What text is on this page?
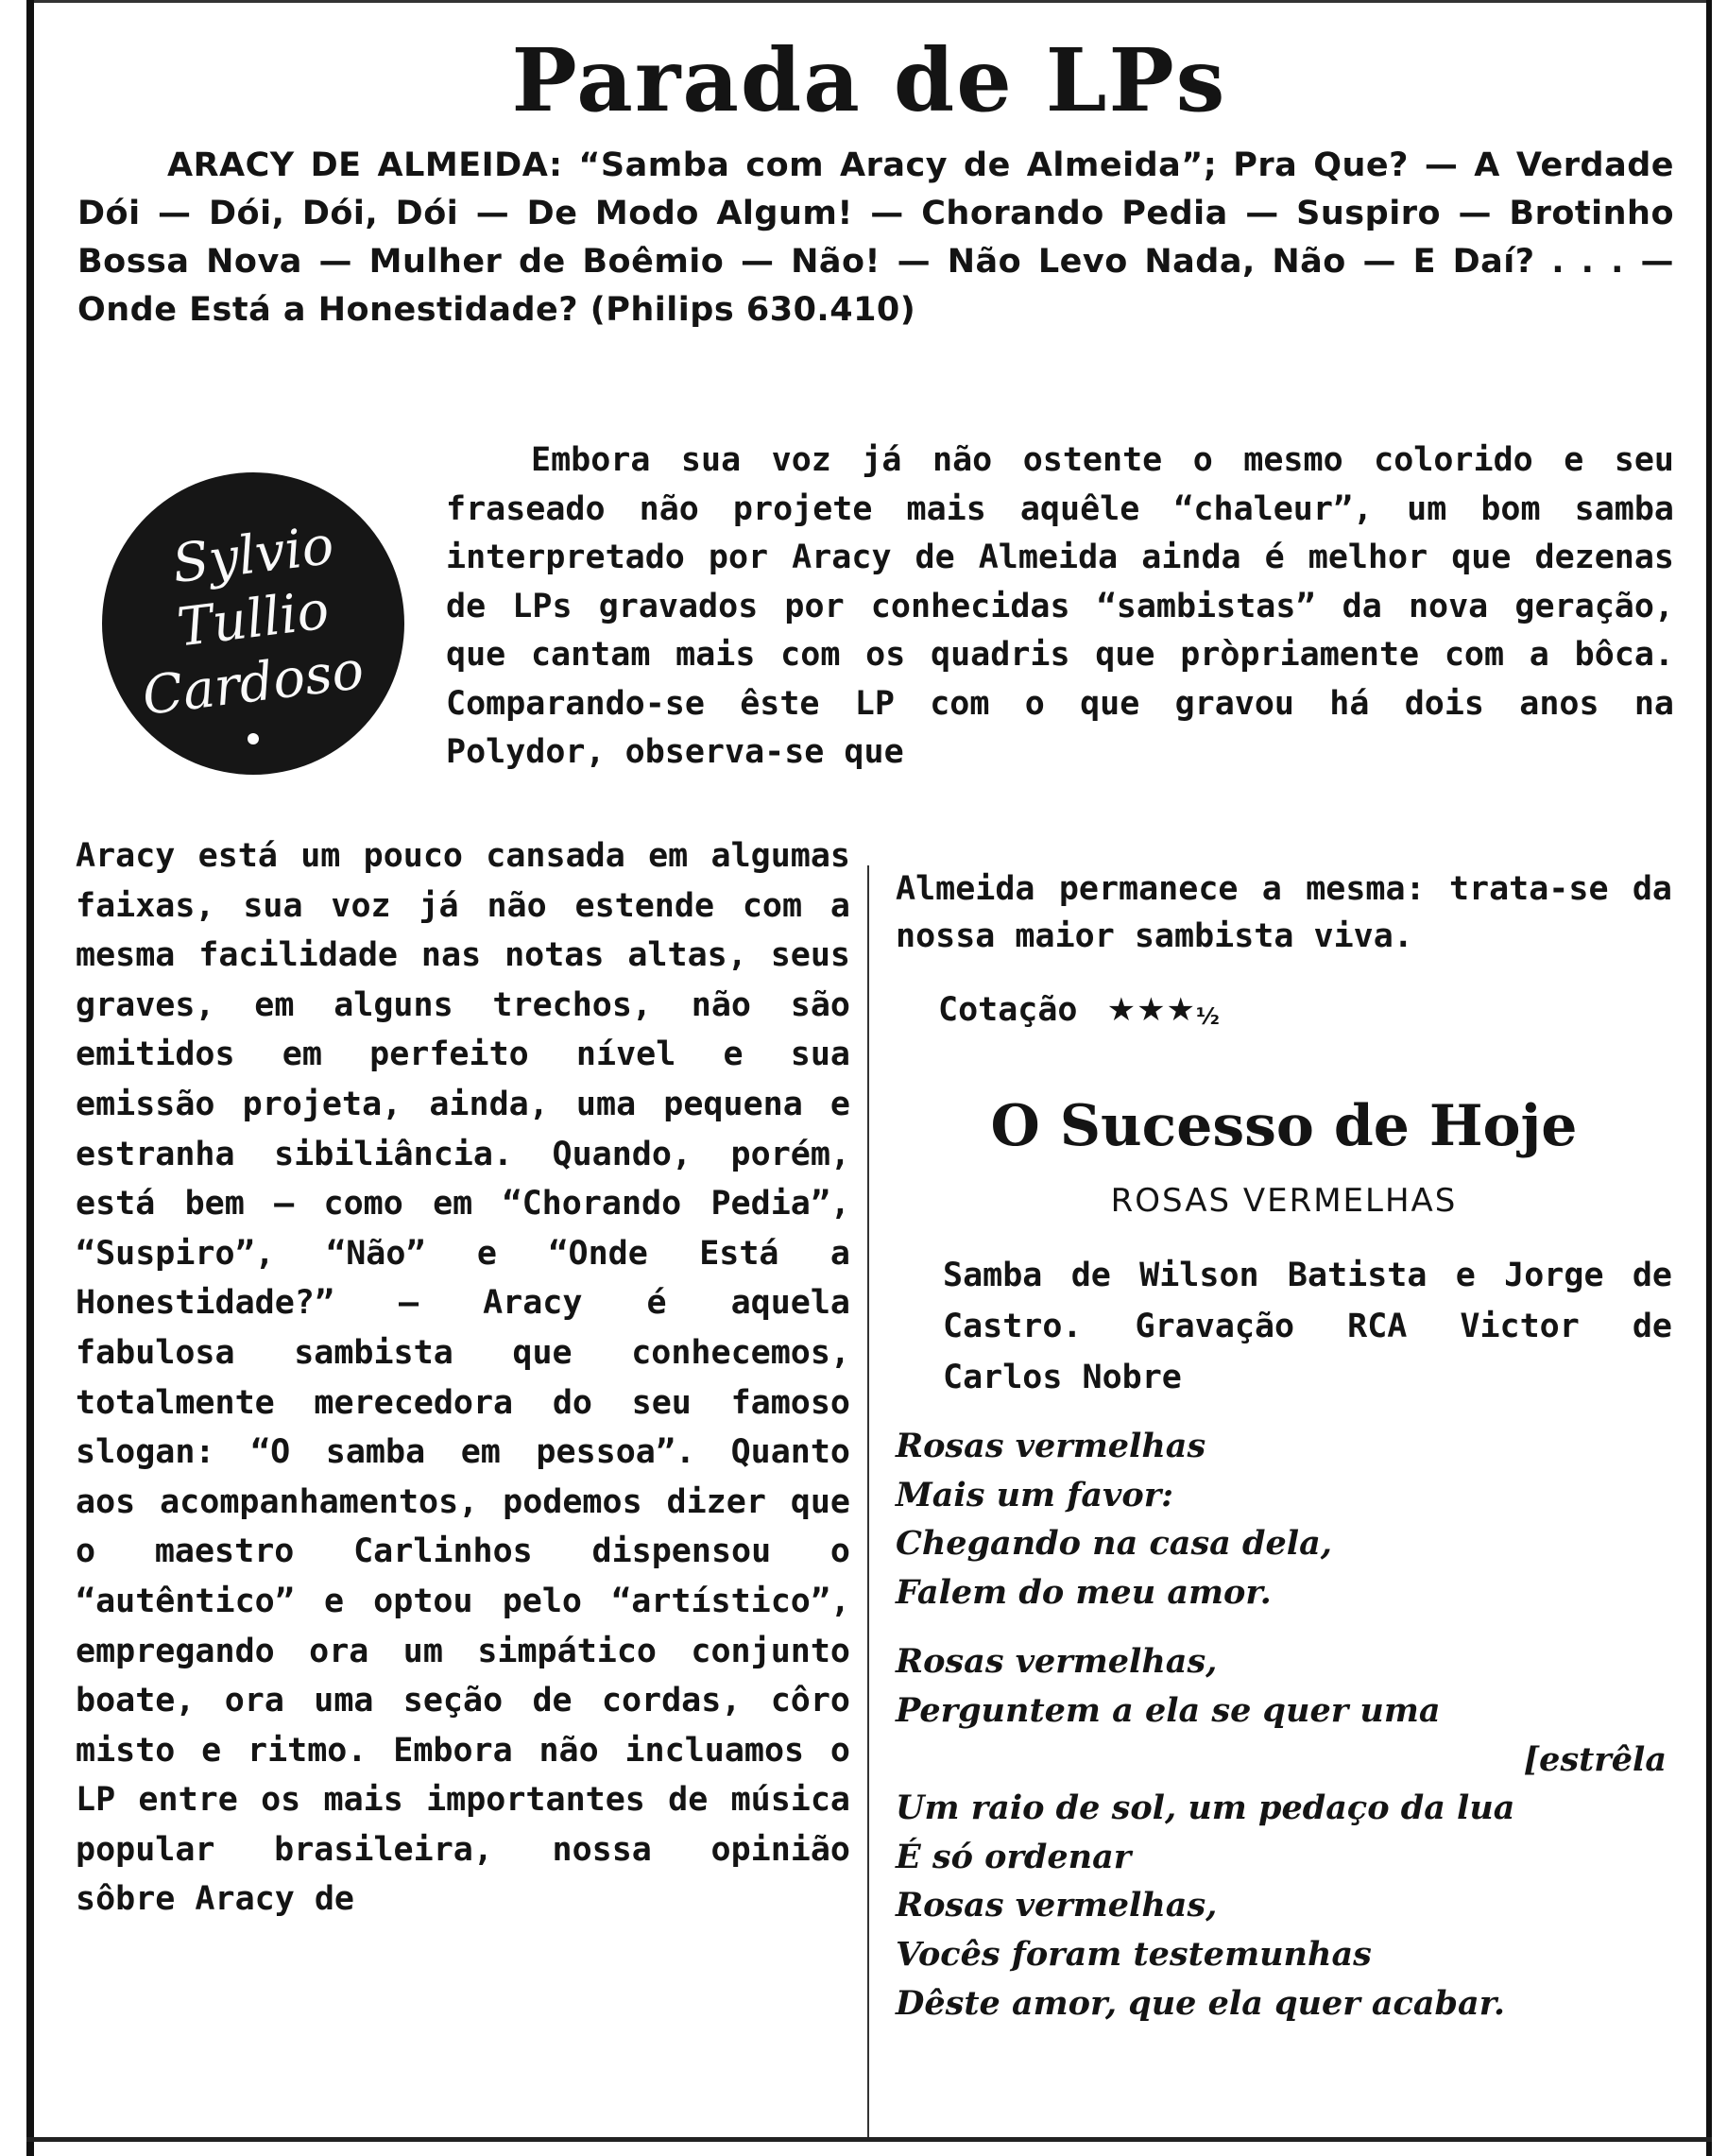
Parada de LPs

ARACY DE ALMEIDA: “Samba com Aracy de Almeida”; Pra Que? — A Verdade Dói — Dói, Dói, Dói — De Modo Algum! — Chorando Pedia — Suspiro — Brotinho Bossa Nova — Mulher de Boêmio — Não! — Não Levo Nada, Não — E Daí? . . . — Onde Está a Honestidade? (Philips 630.410)

Sylvio
Tullio
Cardoso

Embora sua voz já não ostente o mesmo colorido e seu fraseado não projete mais aquêle “chaleur”, um bom samba interpretado por Aracy de Almeida ainda é melhor que dezenas de LPs gravados por conhecidas “sambistas” da nova geração, que cantam mais com os quadris que pròpriamente com a bôca. Comparando-se êste LP com o que gravou há dois anos na Polydor, observa-se que

Aracy está um pouco cansada em algumas faixas, sua voz já não estende com a mesma facilidade nas notas altas, seus graves, em alguns trechos, não são emitidos em perfeito nível e sua emissão projeta, ainda, uma pequena e estranha sibiliância. Quando, porém, está bem — como em “Chorando Pedia”, “Suspiro”, “Não” e “Onde Está a Honestidade?” — Aracy é aquela fabulosa sambista que conhecemos, totalmente merecedora do seu famoso slogan: “O samba em pessoa”. Quanto aos acompanhamentos, podemos dizer que o maestro Carlinhos dispensou o “autêntico” e optou pelo “artístico”, empregando ora um simpático conjunto boate, ora uma seção de cordas, côro misto e ritmo. Embora não incluamos o LP entre os mais importantes de música popular brasileira, nossa opinião sôbre Aracy de

Almeida permanece a mesma: trata-se da nossa maior sambista viva.

Cotação ★★★½
O Sucesso de Hoje
ROSAS VERMELHAS

Samba de Wilson Batista e Jorge de Castro. Gravação RCA Victor de Carlos Nobre

Rosas vermelhas

Mais um favor:

Chegando na casa dela,

Falem do meu amor.

Rosas vermelhas,

Perguntem a ela se quer uma

[estrêla

Um raio de sol, um pedaço da lua

É só ordenar

Rosas vermelhas,

Vocês foram testemunhas

Dêste amor, que ela quer acabar.
